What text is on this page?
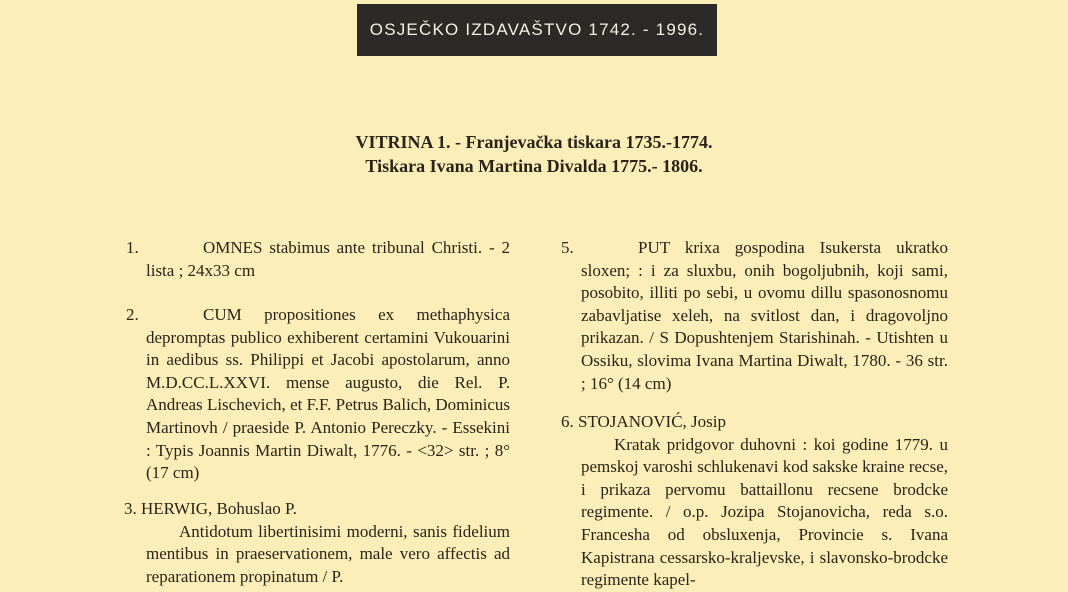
OSJEČKO IZDAVAŠTVO 1742. - 1996.
VITRINA 1. - Franjevačka tiskara 1735.-1774.
Tiskara Ivana Martina Divalda 1775.- 1806.
1.	OMNES stabimus ante tribunal Christi. - 2 lista ; 24x33 cm

2.	CUM propositiones ex methaphysica depromptas publico exhiberent certamini Vukouarini in aedibus ss. Philippi et Jacobi apostolarum, anno M.D.CC.L.XXVI. mense augusto, die Rel. P. Andreas Lischevich, et F.F. Petrus Balich, Dominicus Martinovh / praeside P. Antonio Pereczky. - Essekini : Typis Joannis Martin Diwalt, 1776. - <32> str. ; 8° (17 cm)

3. HERWIG, Bohuslao P.

Antidotum libertinisimi moderni, sanis fidelium mentibus in praeservationem, male vero affectis ad reparationem propinatum / P.

5.	PUT krixa gospodina Isukersta ukratko sloxen; : i za sluxbu, onih bogoljubnih, koji sami, posobito, illiti po sebi, u ovomu dillu spasonosnomu zabavljatise xeleh, na svitlost dan, i dragovoljno prikazan. / S Dopushtenjem Starishinah. - Utishten u Ossiku, slovima Ivana Martina Diwalt, 1780. - 36 str. ; 16° (14 cm)

6. STOJANOVIĆ, Josip

Kratak pridgovor duhovni : koi godine 1779. u pemskoj varoshi schlukenavi kod sakske kraine recse, i prikaza pervomu battaillonu recsene brodcke regimente. / o.p. Jozipa Stojanovicha, reda s.o. Francesha od obsluxenja, Provincie s. Ivana Kapistrana cessarsko-kraljevske, i slavonsko-brodcke regimente kapel-
